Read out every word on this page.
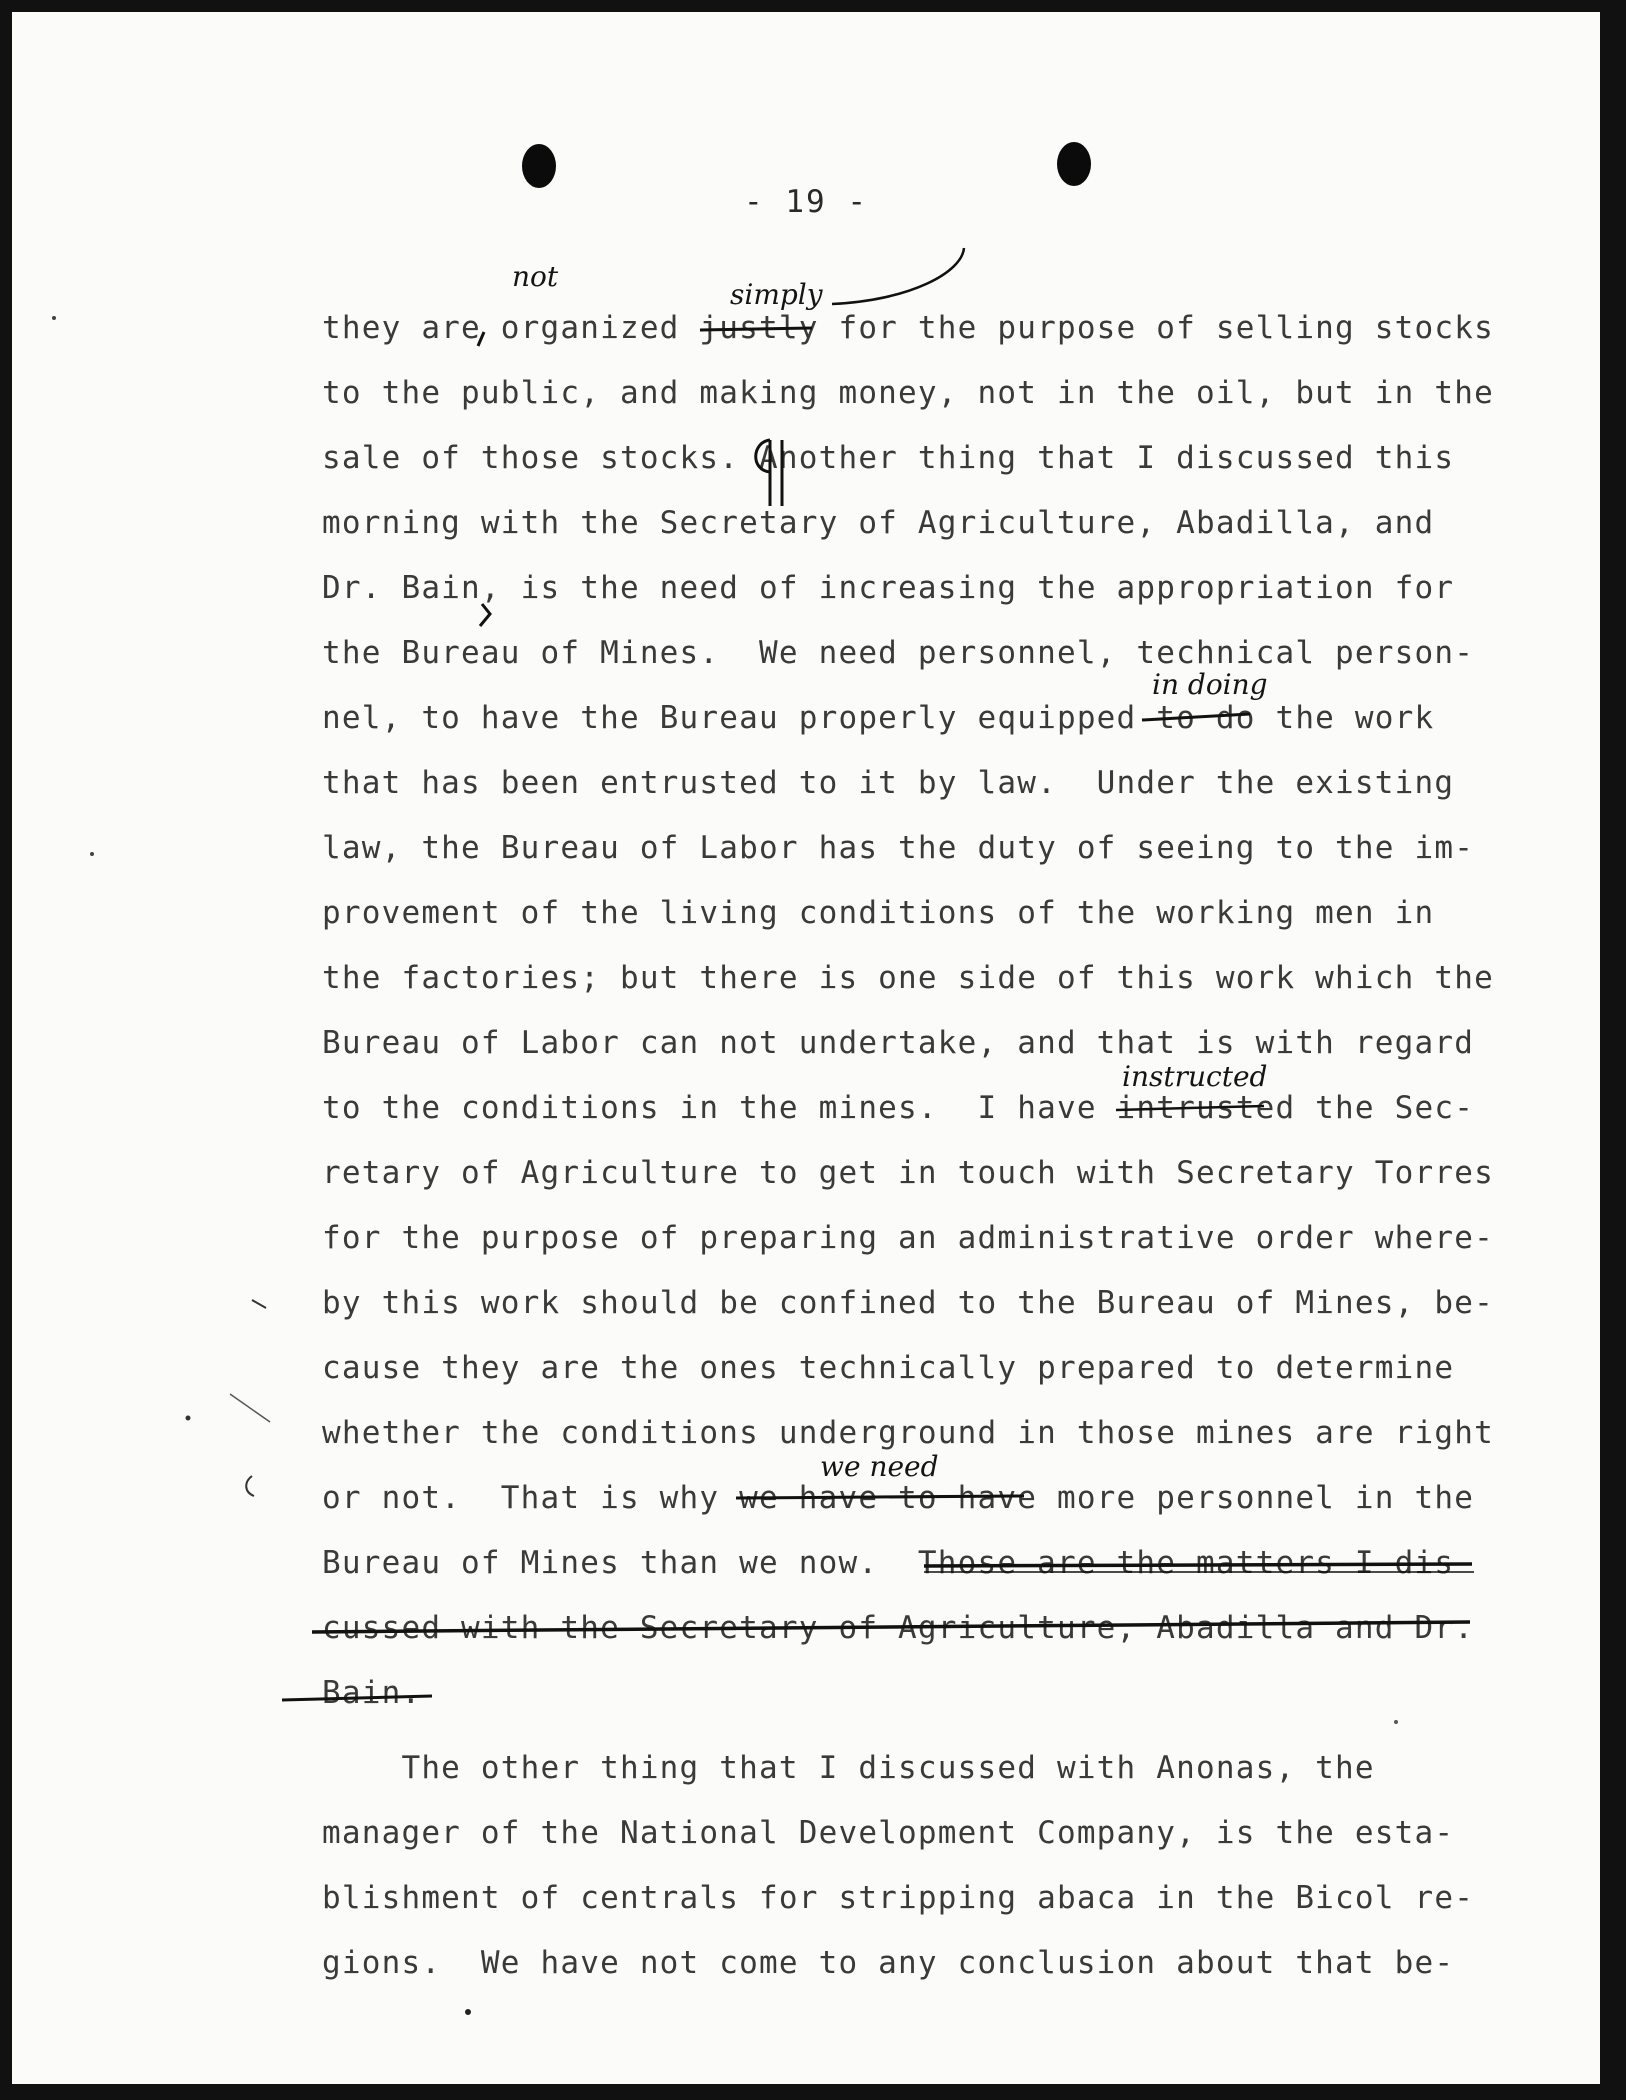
- 19 -
they are organized justly for the purpose of selling stocks
to the public, and making money, not in the oil, but in the
sale of those stocks. Another thing that I discussed this
morning with the Secretary of Agriculture, Abadilla, and
Dr. Bain, is the need of increasing the appropriation for
the Bureau of Mines.  We need personnel, technical person-
nel, to have the Bureau properly equipped to do the work
that has been entrusted to it by law.  Under the existing
law, the Bureau of Labor has the duty of seeing to the im-
provement of the living conditions of the working men in
the factories; but there is one side of this work which the
Bureau of Labor can not undertake, and that is with regard
to the conditions in the mines.  I have intrusted the Sec-
retary of Agriculture to get in touch with Secretary Torres
for the purpose of preparing an administrative order where-
by this work should be confined to the Bureau of Mines, be-
cause they are the ones technically prepared to determine
whether the conditions underground in those mines are right
or not.  That is why we have to have more personnel in the
Bureau of Mines than we now.  Those are the matters I dis-
cussed with the Secretary of Agriculture, Abadilla and Dr.
Bain.
The other thing that I discussed with Anonas, the
manager of the National Development Company, is the esta-
blishment of centrals for stripping abaca in the Bicol re-
gions.  We have not come to any conclusion about that be-
not
simply
in doing
instructed
we need
